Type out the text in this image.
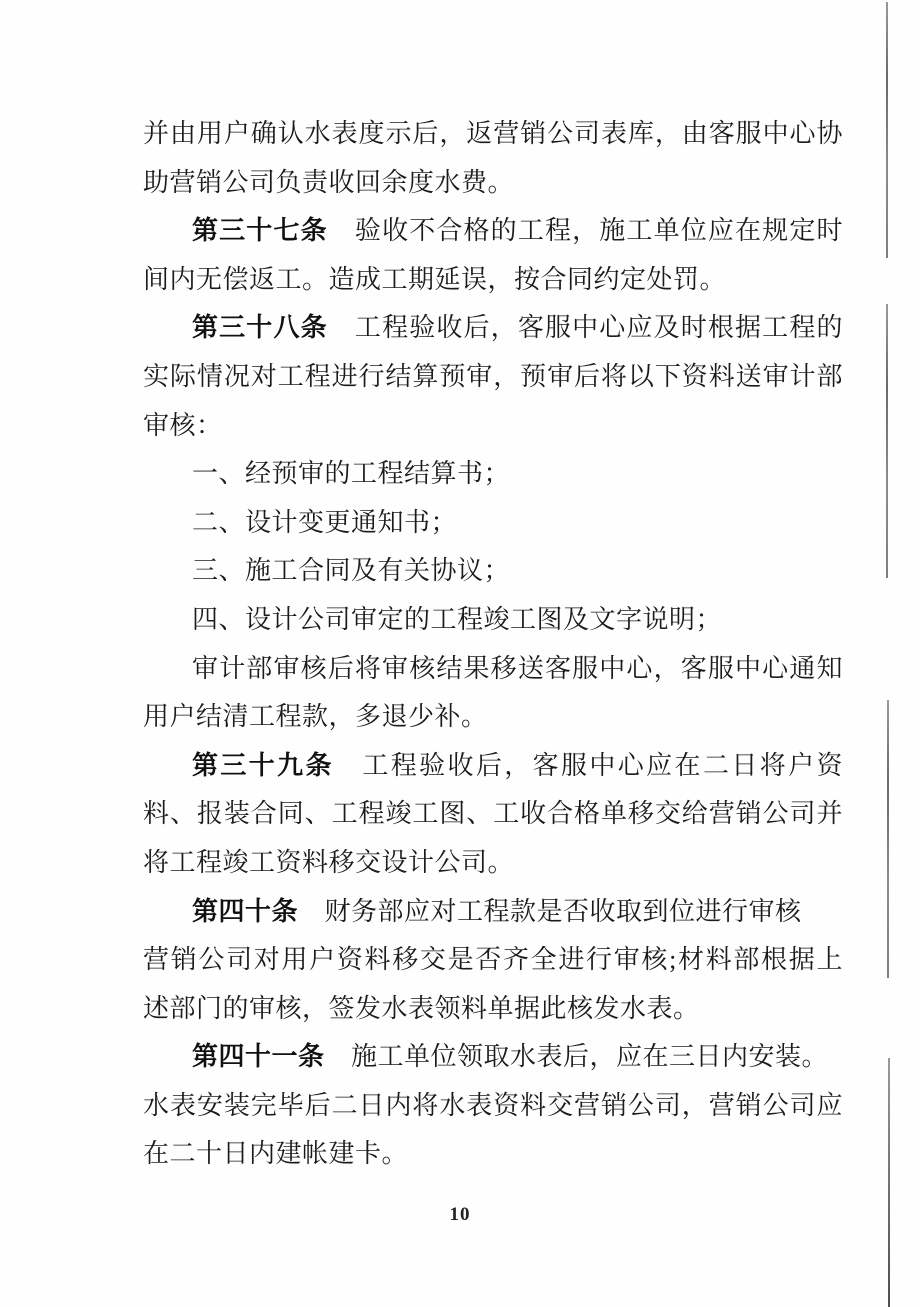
并由用户确认水表度示后，返营销公司表库，由客服中心协
助营销公司负责收回余度水费。
第三十七条　验收不合格的工程，施工单位应在规定时
间内无偿返工。造成工期延误，按合同约定处罚。
第三十八条　工程验收后，客服中心应及时根据工程的
实际情况对工程进行结算预审，预审后将以下资料送审计部
审核：
一、经预审的工程结算书；
二、设计变更通知书；
三、施工合同及有关协议；
四、设计公司审定的工程竣工图及文字说明；
审计部审核后将审核结果移送客服中心，客服中心通知
用户结清工程款，多退少补。
第三十九条　工程验收后，客服中心应在二日将户资
料、报装合同、工程竣工图、工收合格单移交给营销公司并
将工程竣工资料移交设计公司。
第四十条　财务部应对工程款是否收取到位进行审核
营销公司对用户资料移交是否齐全进行审核;材料部根据上
述部门的审核，签发水表领料单据此核发水表。
第四十一条　施工单位领取水表后，应在三日内安装。
水表安装完毕后二日内将水表资料交营销公司，营销公司应
在二十日内建帐建卡。
10
